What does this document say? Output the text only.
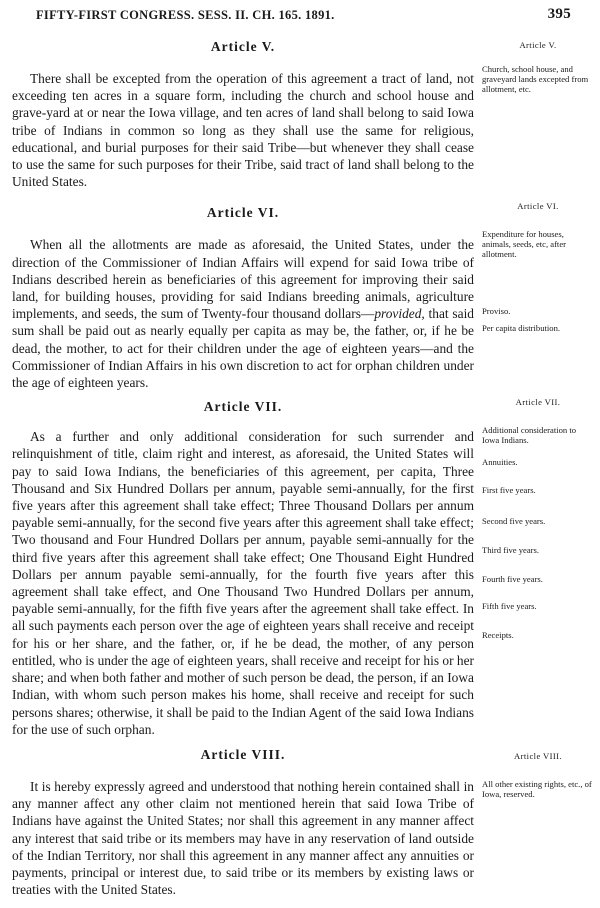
FIFTY-FIRST CONGRESS. SESS. II. CH. 165. 1891.	395
Article V.

There shall be excepted from the operation of this agreement a tract of land, not exceeding ten acres in a square form, including the church and school house and grave-yard at or near the Iowa village, and ten acres of land shall belong to said Iowa tribe of Indians in common so long as they shall use the same for religious, educational, and burial purposes for their said Tribe—but whenever they shall cease to use the same for such purposes for their Tribe, said tract of land shall belong to the United States.

Article VI.

When all the allotments are made as aforesaid, the United States, under the direction of the Commissioner of Indian Affairs will expend for said Iowa tribe of Indians described herein as beneficiaries of this agreement for improving their said land, for building houses, providing for said Indians breeding animals, agriculture implements, and seeds, the sum of Twenty-four thousand dollars—provided, that said sum shall be paid out as nearly equally per capita as may be, the father, or, if he be dead, the mother, to act for their children under the age of eighteen years—and the Commissioner of Indian Affairs in his own discretion to act for orphan children under the age of eighteen years.

Article VII.

As a further and only additional consideration for such surrender and relinquishment of title, claim right and interest, as aforesaid, the United States will pay to said Iowa Indians, the beneficiaries of this agreement, per capita, Three Thousand and Six Hundred Dollars per annum, payable semi-annually, for the first five years after this agreement shall take effect; Three Thousand Dollars per annum payable semi-annually, for the second five years after this agreement shall take effect; Two thousand and Four Hundred Dollars per annum, payable semi-annually for the third five years after this agreement shall take effect; One Thousand Eight Hundred Dollars per annum payable semi-annually, for the fourth five years after this agreement shall take effect, and One Thousand Two Hundred Dollars per annum, payable semi-annually, for the fifth five years after the agreement shall take effect. In all such payments each person over the age of eighteen years shall receive and receipt for his or her share, and the father, or, if he be dead, the mother, of any person entitled, who is under the age of eighteen years, shall receive and receipt for his or her share; and when both father and mother of such person be dead, the person, if an Iowa Indian, with whom such person makes his home, shall receive and receipt for such persons shares; otherwise, it shall be paid to the Indian Agent of the said Iowa Indians for the use of such orphan.

Article VIII.

It is hereby expressly agreed and understood that nothing herein contained shall in any manner affect any other claim not mentioned herein that said Iowa Tribe of Indians have against the United States; nor shall this agreement in any manner affect any interest that said tribe or its members may have in any reservation of land outside of the Indian Territory, nor shall this agreement in any manner affect any annuities or payments, principal or interest due, to said tribe or its members by existing laws or treaties with the United States.

Article V.
Church, school house, and graveyard lands excepted from allotment, etc.
Article VI.
Expenditure for houses, animals, seeds, etc, after allotment.
Proviso.
Per capita distribution.
Article VII.
Additional consideration to Iowa Indians.
Annuities.
First five years.
Second five years.
Third five years.
Fourth five years.
Fifth five years.
Receipts.
Article VIII.
All other existing rights, etc., of Iowa, reserved.
